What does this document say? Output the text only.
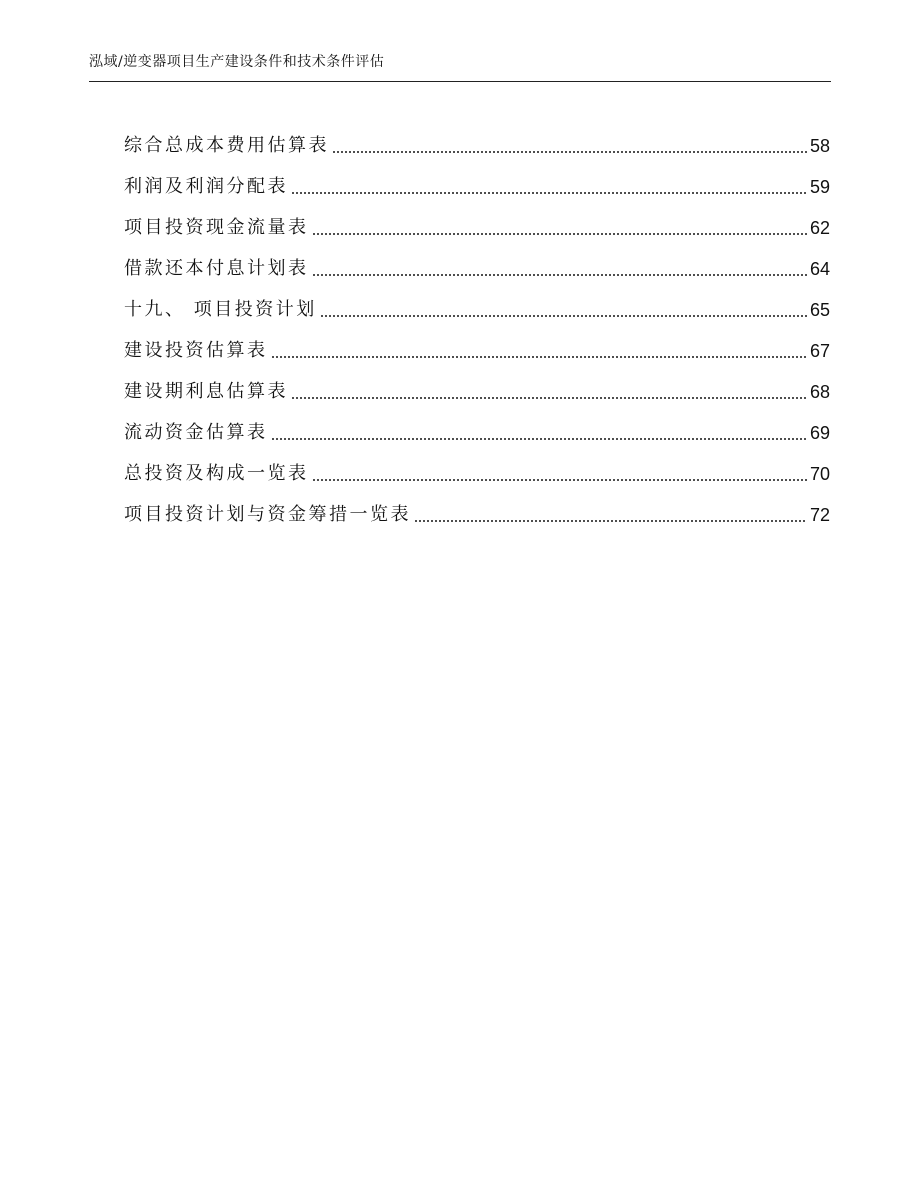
泓域/逆变器项目生产建设条件和技术条件评估
综合总成本费用估算表	58
利润及利润分配表	59
项目投资现金流量表	62
借款还本付息计划表	64
十九、 项目投资计划	65
建设投资估算表	67
建设期利息估算表	68
流动资金估算表	69
总投资及构成一览表	70
项目投资计划与资金筹措一览表	72
